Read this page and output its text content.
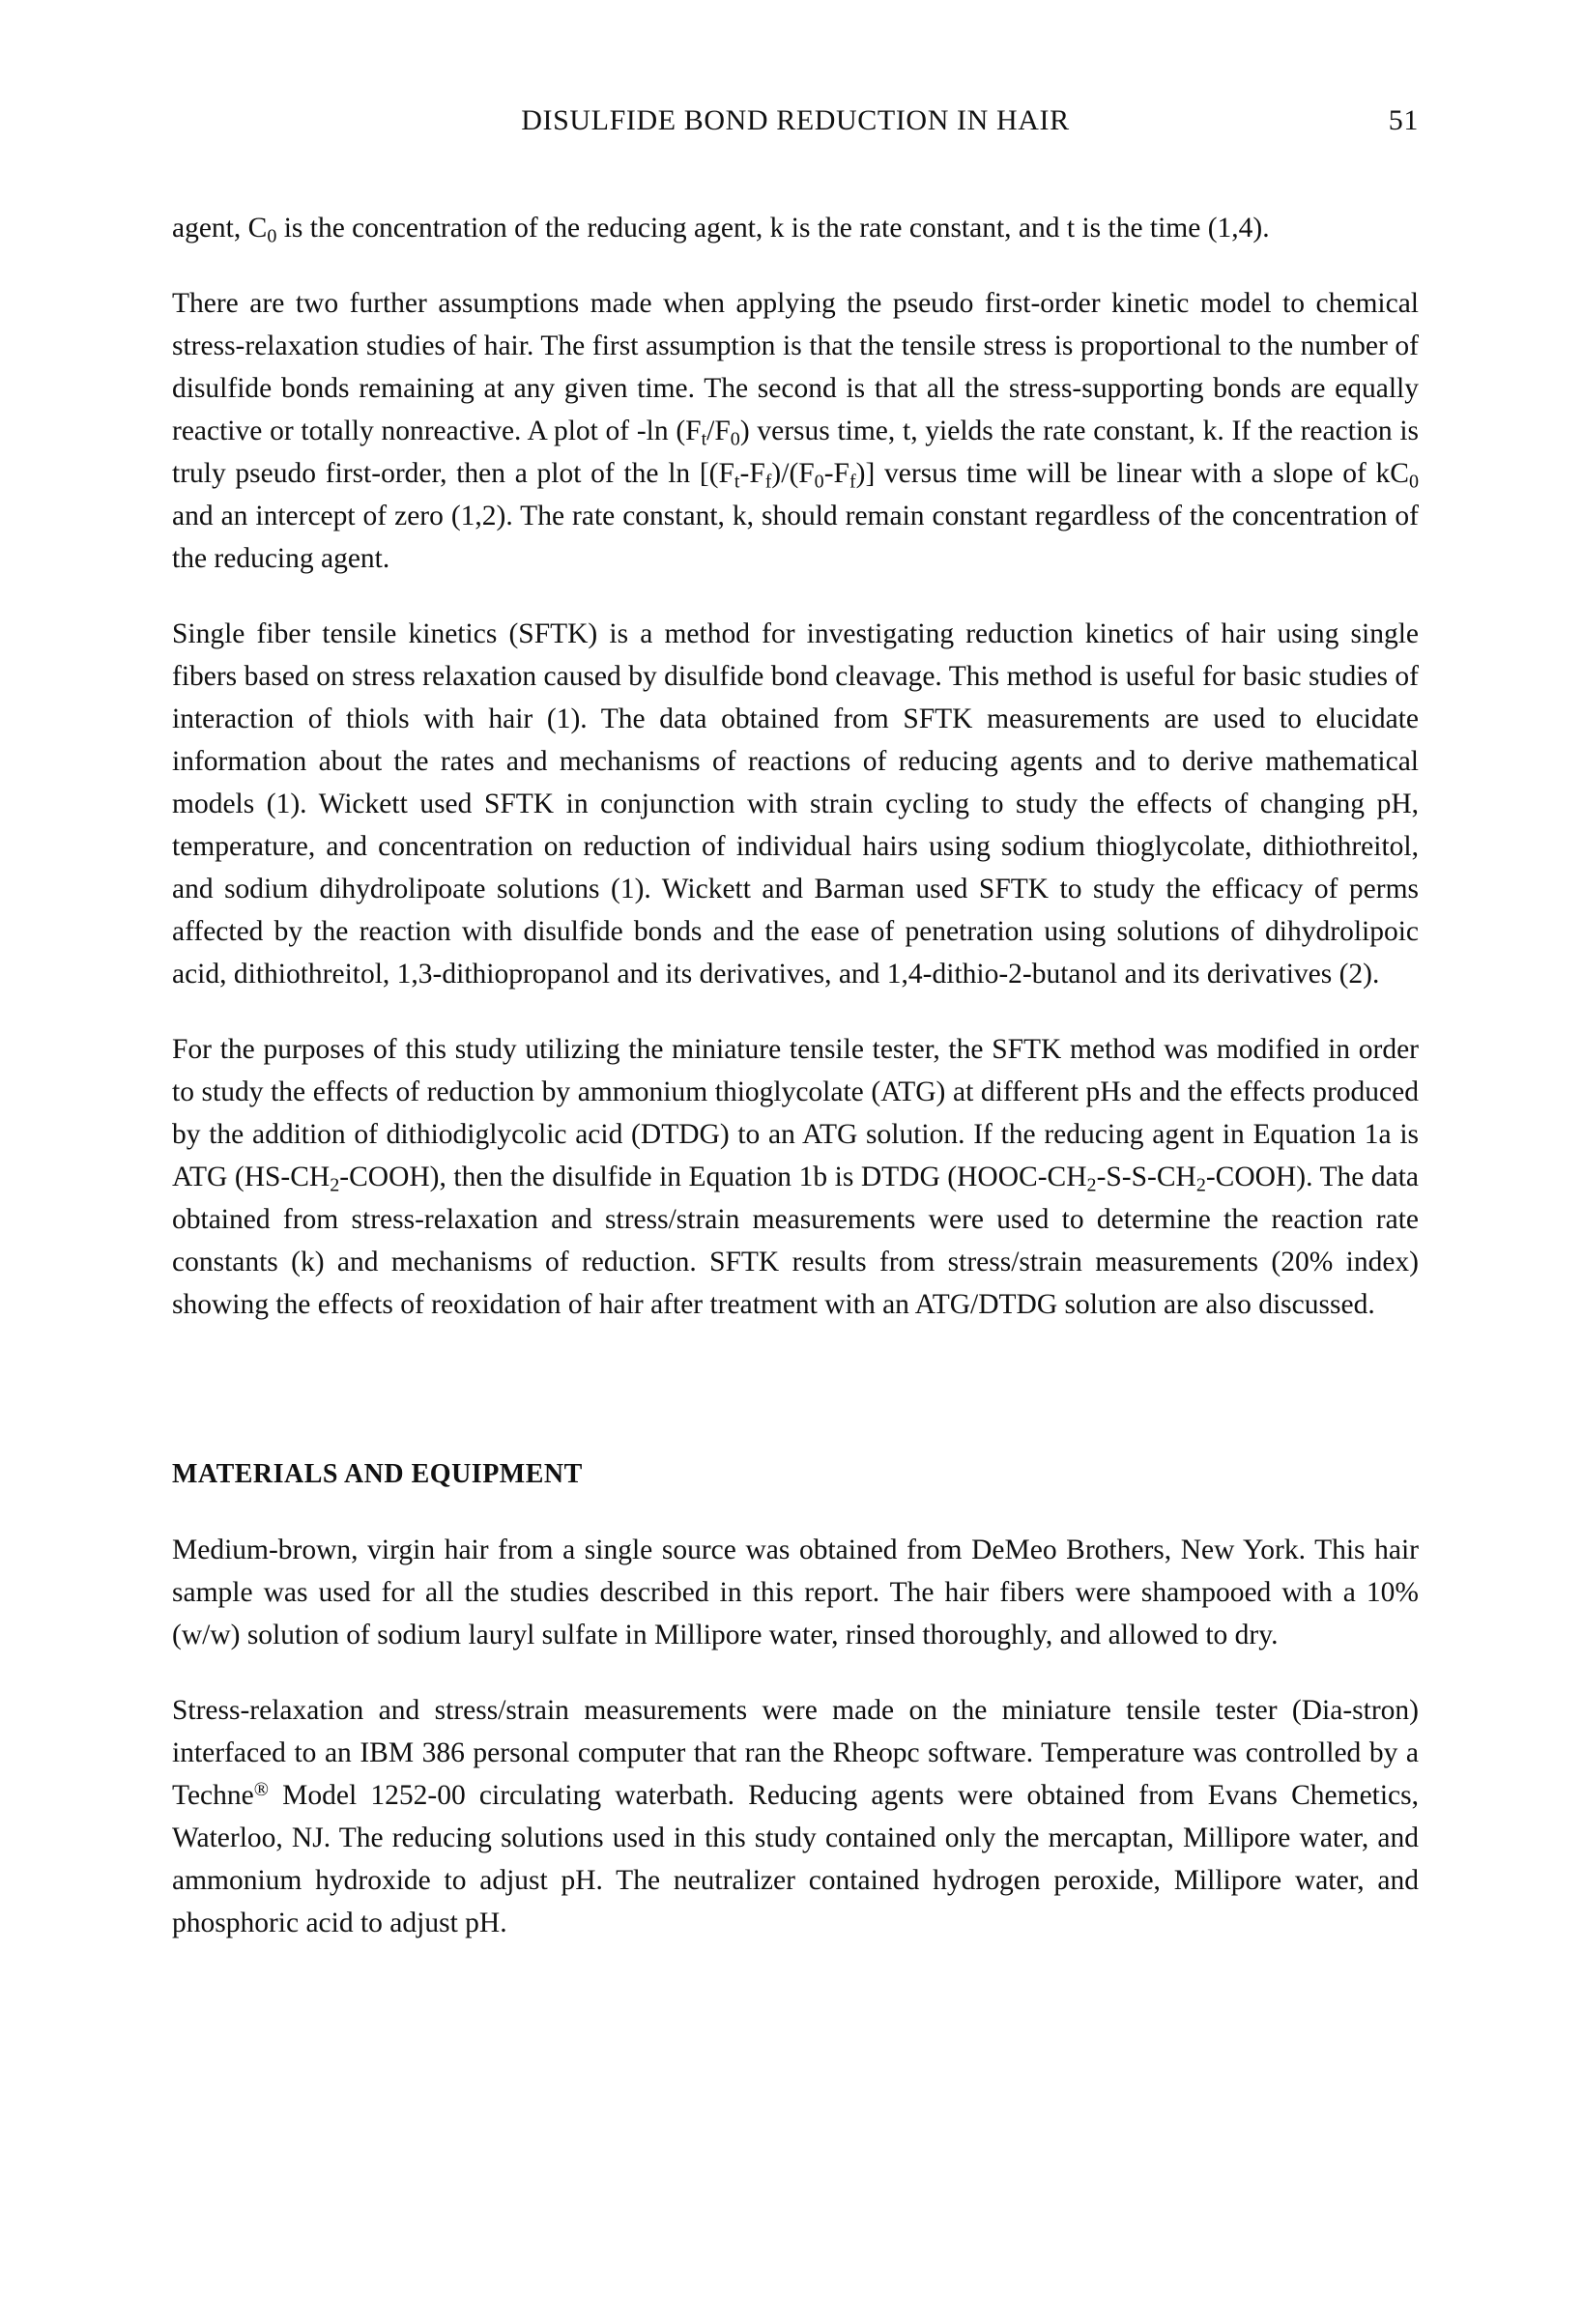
DISULFIDE BOND REDUCTION IN HAIR	51

agent, $C_0$ is the concentration of the reducing agent, k is the rate constant, and t is the time (1,4).

There are two further assumptions made when applying the pseudo first-order kinetic model to chemical stress-relaxation studies of hair. The first assumption is that the tensile stress is proportional to the number of disulfide bonds remaining at any given time. The second is that all the stress-supporting bonds are equally reactive or totally nonreactive. A plot of -ln $(F_t/F_0)$ versus time, t, yields the rate constant, k. If the reaction is truly pseudo first-order, then a plot of the $\ln [(F_t-F_f)/(F_0-F_f)]$ versus time will be linear with a slope of $kC_0$ and an intercept of zero (1,2). The rate constant, k, should remain constant regardless of the concentration of the reducing agent.

Single fiber tensile kinetics (SFTK) is a method for investigating reduction kinetics of hair using single fibers based on stress relaxation caused by disulfide bond cleavage. This method is useful for basic studies of interaction of thiols with hair (1). The data obtained from SFTK measurements are used to elucidate information about the rates and mechanisms of reactions of reducing agents and to derive mathematical models (1). Wickett used SFTK in conjunction with strain cycling to study the effects of changing pH, temperature, and concentration on reduction of individual hairs using sodium thioglycolate, dithiothreitol, and sodium dihydrolipoate solutions (1). Wickett and Barman used SFTK to study the efficacy of perms affected by the reaction with disulfide bonds and the ease of penetration using solutions of dihydrolipoic acid, dithiothreitol, 1,3-dithiopropanol and its derivatives, and 1,4-dithio-2-butanol and its derivatives (2).

For the purposes of this study utilizing the miniature tensile tester, the SFTK method was modified in order to study the effects of reduction by ammonium thioglycolate (ATG) at different pHs and the effects produced by the addition of dithiodiglycolic acid (DTDG) to an ATG solution. If the reducing agent in Equation 1a is ATG $(HS-CH_2-COOH)$, then the disulfide in Equation 1b is DTDG $(HOOC-CH_2-S-S-CH_2-COOH)$. The data obtained from stress-relaxation and stress/strain measurements were used to determine the reaction rate constants (k) and mechanisms of reduction. SFTK results from stress/strain measurements (20% index) showing the effects of reoxidation of hair after treatment with an ATG/DTDG solution are also discussed.

MATERIALS AND EQUIPMENT

Medium-brown, virgin hair from a single source was obtained from DeMeo Brothers, New York. This hair sample was used for all the studies described in this report. The hair fibers were shampooed with a 10% (w/w) solution of sodium lauryl sulfate in Millipore water, rinsed thoroughly, and allowed to dry.

Stress-relaxation and stress/strain measurements were made on the miniature tensile tester (Dia-stron) interfaced to an IBM 386 personal computer that ran the Rheopc software. Temperature was controlled by a Techne® Model 1252-00 circulating waterbath. Reducing agents were obtained from Evans Chemetics, Waterloo, NJ. The reducing solutions used in this study contained only the mercaptan, Millipore water, and ammonium hydroxide to adjust pH. The neutralizer contained hydrogen peroxide, Millipore water, and phosphoric acid to adjust pH.
